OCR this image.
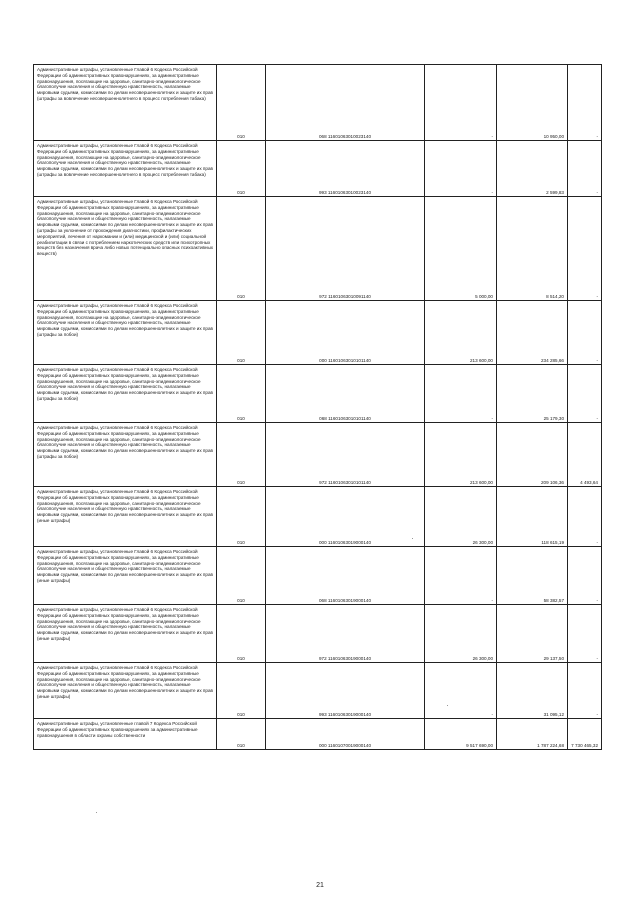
Административные штрафы, установленные Главой 6 Кодекса Российской Федерации об административных правонарушениях, за административные правонарушения, посягающие на здоровье, санитарно-эпидемиологическое благополучие населения и общественную нравственность, налагаемые мировыми судьями, комиссиями по делам несовершеннолетних и защите их прав (штрафы за вовлечение несовершеннолетнего в процесс потребления табака)	010	068 11601063010023140	-	10 950,00	-
Административные штрафы, установленные Главой 6 Кодекса Российской Федерации об административных правонарушениях, за административные правонарушения, посягающие на здоровье, санитарно-эпидемиологическое благополучие населения и общественную нравственность, налагаемые мировыми судьями, комиссиями по делам несовершеннолетних и защите их прав (штрафы за вовлечение несовершеннолетнего в процесс потребления табака)	010	993 11601063010023140	-	2 599,83	-
Административные штрафы, установленные Главой 6 Кодекса Российской Федерации об административных правонарушениях, за административные правонарушения, посягающие на здоровье, санитарно-эпидемиологическое благополучие населения и общественную нравственность, налагаемые мировыми судьями, комиссиями по делам несовершеннолетних и защите их прав (штрафы за уклонение от прохождения диагностики, профилактических мероприятий, лечения от наркомании и (или) медицинской и (или) социальной реабилитации в связи с потреблением наркотических средств или психотропных веществ без назначения врача либо новых потенциально опасных психоактивных веществ)	010	972 11601063010091140	5 000,00	8 514,20	-
Административные штрафы, установленные Главой 6 Кодекса Российской Федерации об административных правонарушениях, за административные правонарушения, посягающие на здоровье, санитарно-эпидемиологическое благополучие населения и общественную нравственность, налагаемые мировыми судьями, комиссиями по делам несовершеннолетних и защите их прав (штрафы за побои)	010	000 11601063010101140	213 600,00	234 285,66	-
Административные штрафы, установленные Главой 6 Кодекса Российской Федерации об административных правонарушениях, за административные правонарушения, посягающие на здоровье, санитарно-эпидемиологическое благополучие населения и общественную нравственность, налагаемые мировыми судьями, комиссиями по делам несовершеннолетних и защите их прав (штрафы за побои)	010	068 11601063010101140	-	25 179,30	-
Административные штрафы, установленные Главой 6 Кодекса Российской Федерации об административных правонарушениях, за административные правонарушения, посягающие на здоровье, санитарно-эпидемиологическое благополучие населения и общественную нравственность, налагаемые мировыми судьями, комиссиями по делам несовершеннолетних и защите их прав (штрафы за побои)	010	972 11601063010101140	213 600,00	209 106,36	4 493,64
Административные штрафы, установленные Главой 6 Кодекса Российской Федерации об административных правонарушениях, за административные правонарушения, посягающие на здоровье, санитарно-эпидемиологическое благополучие населения и общественную нравственность, налагаемые мировыми судьями, комиссиями по делам несовершеннолетних и защите их прав (иные штрафы)	010	000 11601063019000140	26 300,00	118 615,19	-
Административные штрафы, установленные Главой 6 Кодекса Российской Федерации об административных правонарушениях, за административные правонарушения, посягающие на здоровье, санитарно-эпидемиологическое благополучие населения и общественную нравственность, налагаемые мировыми судьями, комиссиями по делам несовершеннолетних и защите их прав (иные штрафы)	010	068 11601063019000140	-	58 382,57	-
Административные штрафы, установленные Главой 6 Кодекса Российской Федерации об административных правонарушениях, за административные правонарушения, посягающие на здоровье, санитарно-эпидемиологическое благополучие населения и общественную нравственность, налагаемые мировыми судьями, комиссиями по делам несовершеннолетних и защите их прав (иные штрафы)	010	972 11601063019000140	26 300,00	29 137,50	-
Административные штрафы, установленные Главой 6 Кодекса Российской Федерации об административных правонарушениях, за административные правонарушения, посягающие на здоровье, санитарно-эпидемиологическое благополучие населения и общественную нравственность, налагаемые мировыми судьями, комиссиями по делам несовершеннолетних и защите их прав (иные штрафы)	010	993 11601063019000140	-	31 095,12	-
Административные штрафы, установленные главой 7 Кодекса Российской Федерации об административных правонарушениях за административные правонарушения в области охраны собственности	010	000 11601070019000140	9 517 690,00	1 787 224,68	7 730 465,32
21
